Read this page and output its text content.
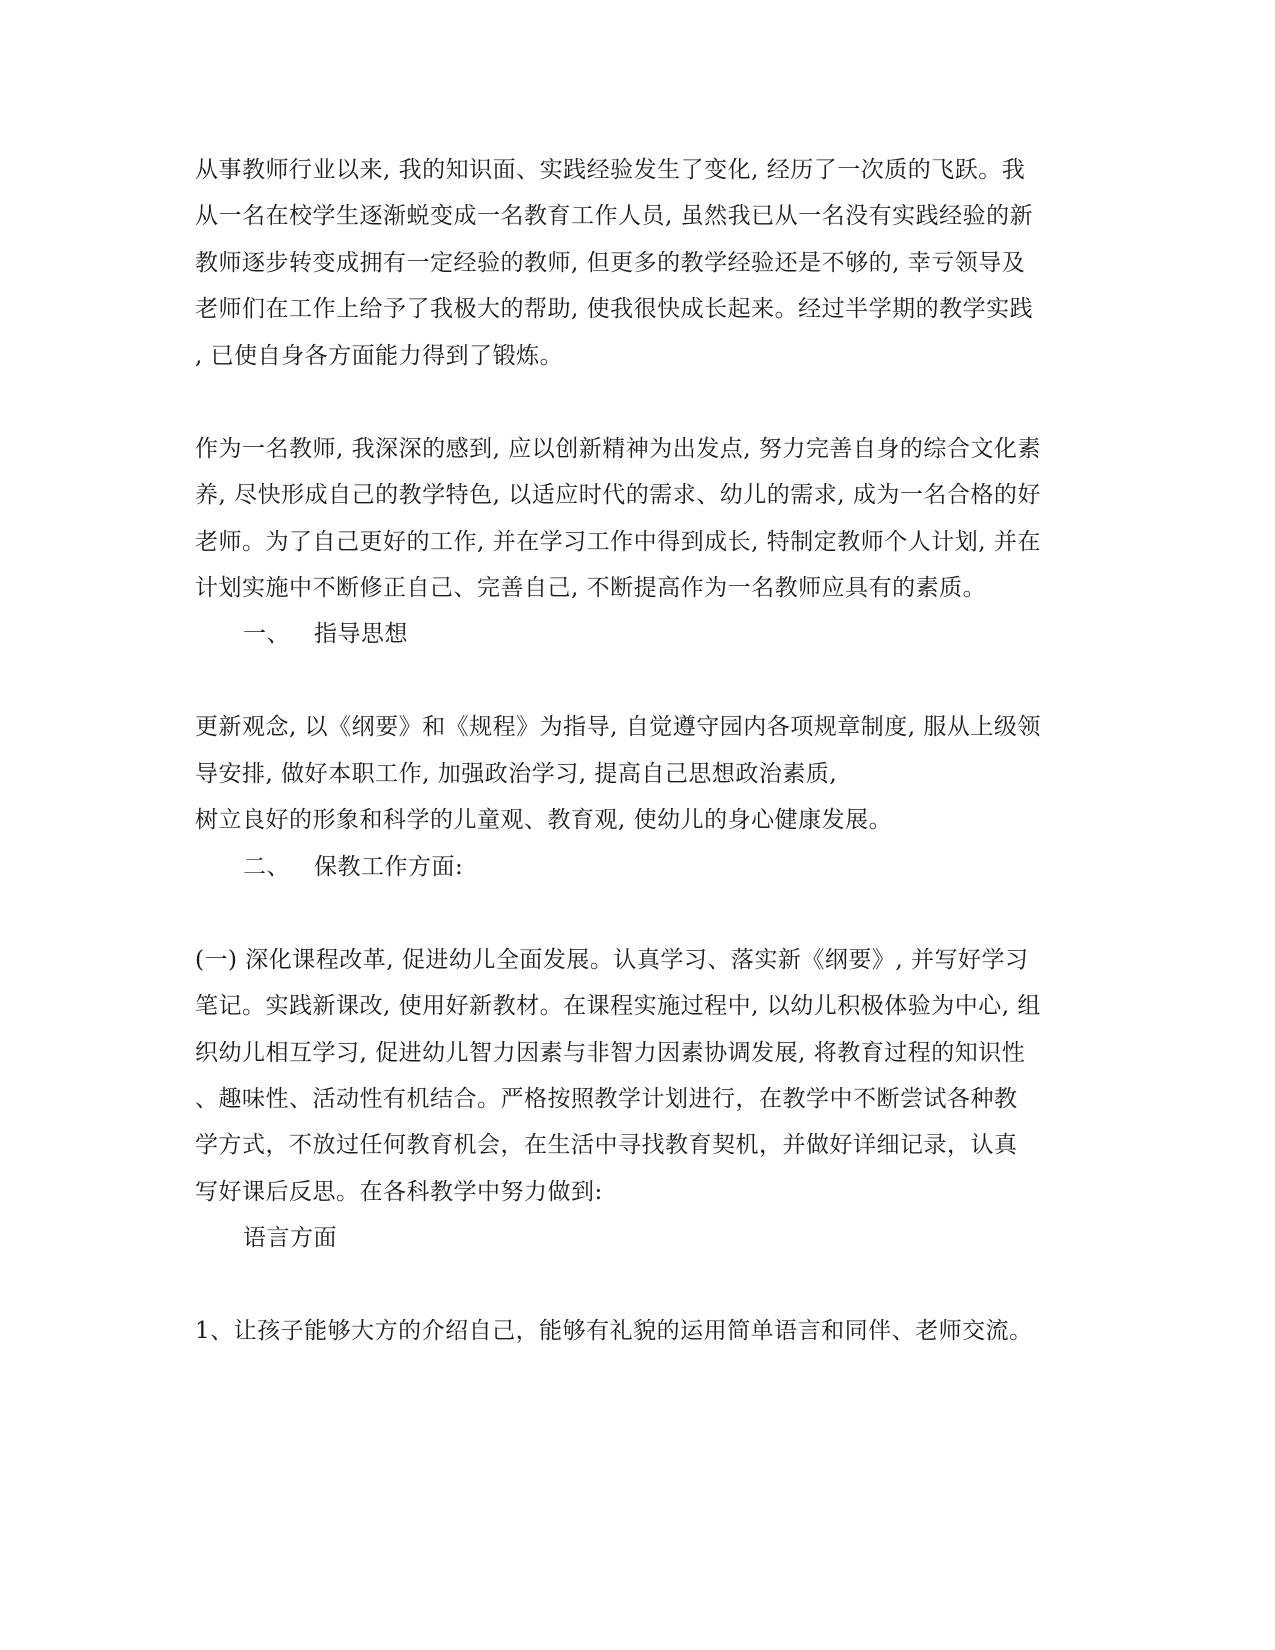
从事教师行业以来, 我的知识面、实践经验发生了变化, 经历了一次质的飞跃。我
从一名在校学生逐渐蜕变成一名教育工作人员, 虽然我已从一名没有实践经验的新
教师逐步转变成拥有一定经验的教师, 但更多的教学经验还是不够的, 幸亏领导及
老师们在工作上给予了我极大的帮助, 使我很快成长起来。经过半学期的教学实践
, 已使自身各方面能力得到了锻炼。
作为一名教师, 我深深的感到, 应以创新精神为出发点, 努力完善自身的综合文化素
养, 尽快形成自己的教学特色, 以适应时代的需求、幼儿的需求, 成为一名合格的好
老师。为了自己更好的工作, 并在学习工作中得到成长, 特制定教师个人计划, 并在
计划实施中不断修正自己、完善自己, 不断提高作为一名教师应具有的素质。
一、 指导思想
更新观念, 以《纲要》和《规程》为指导, 自觉遵守园内各项规章制度, 服从上级领
导安排, 做好本职工作, 加强政治学习, 提高自己思想政治素质,
树立良好的形象和科学的儿童观、教育观, 使幼儿的身心健康发展。
二、 保教工作方面:
(一) 深化课程改革, 促进幼儿全面发展。认真学习、落实新《纲要》, 并写好学习
笔记。实践新课改, 使用好新教材。在课程实施过程中, 以幼儿积极体验为中心, 组
织幼儿相互学习, 促进幼儿智力因素与非智力因素协调发展, 将教育过程的知识性
、趣味性、活动性有机结合。严格按照教学计划进行，在教学中不断尝试各种教
学方式，不放过任何教育机会，在生活中寻找教育契机，并做好详细记录，认真
写好课后反思。在各科教学中努力做到:
语言方面
1、让孩子能够大方的介绍自己，能够有礼貌的运用简单语言和同伴、老师交流。
